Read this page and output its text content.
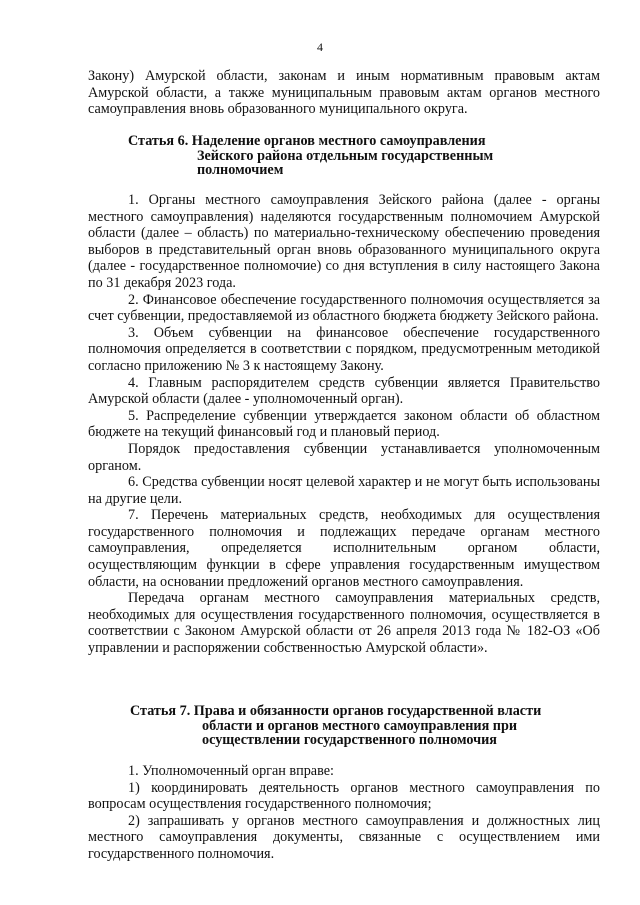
4

Закону) Амурской области, законам и иным нормативным правовым актам Амурской области, а также муниципальным правовым актам органов местного самоуправления вновь образованного муниципального округа.

Статья 6. Наделение органов местного самоуправления
Зейского района отдельным государственным
полномочием

1. Органы местного самоуправления Зейского района (далее - органы местного самоуправления) наделяются государственным полномочием Амурской области (далее – область) по материально-техническому обеспечению проведения выборов в представительный орган вновь образованного муниципального округа (далее - государственное полномочие) со дня вступления в силу настоящего Закона по 31 декабря 2023 года.

2. Финансовое обеспечение государственного полномочия осуществляется за счет субвенции, предоставляемой из областного бюджета бюджету Зейского района.

3. Объем субвенции на финансовое обеспечение государственного полномочия определяется в соответствии с порядком, предусмотренным методикой согласно приложению № 3 к настоящему Закону.

4. Главным распорядителем средств субвенции является Правительство Амурской области (далее - уполномоченный орган).

5. Распределение субвенции утверждается законом области об областном бюджете на текущий финансовый год и плановый период.

Порядок предоставления субвенции устанавливается уполномоченным органом.

6. Средства субвенции носят целевой характер и не могут быть использованы на другие цели.

7. Перечень материальных средств, необходимых для осуществления государственного полномочия и подлежащих передаче органам местного самоуправления, определяется исполнительным органом области, осуществляющим функции в сфере управления государственным имуществом области, на основании предложений органов местного самоуправления.

Передача органам местного самоуправления материальных средств, необходимых для осуществления государственного полномочия, осуществляется в соответствии с Законом Амурской области от 26 апреля 2013 года № 182-ОЗ «Об управлении и распоряжении собственностью Амурской области».

Статья 7. Права и обязанности органов государственной власти
области и органов местного самоуправления при
осуществлении государственного полномочия

1. Уполномоченный орган вправе:

1) координировать деятельность органов местного самоуправления по вопросам осуществления государственного полномочия;

2) запрашивать у органов местного самоуправления и должностных лиц местного самоуправления документы, связанные с осуществлением ими государственного полномочия.
